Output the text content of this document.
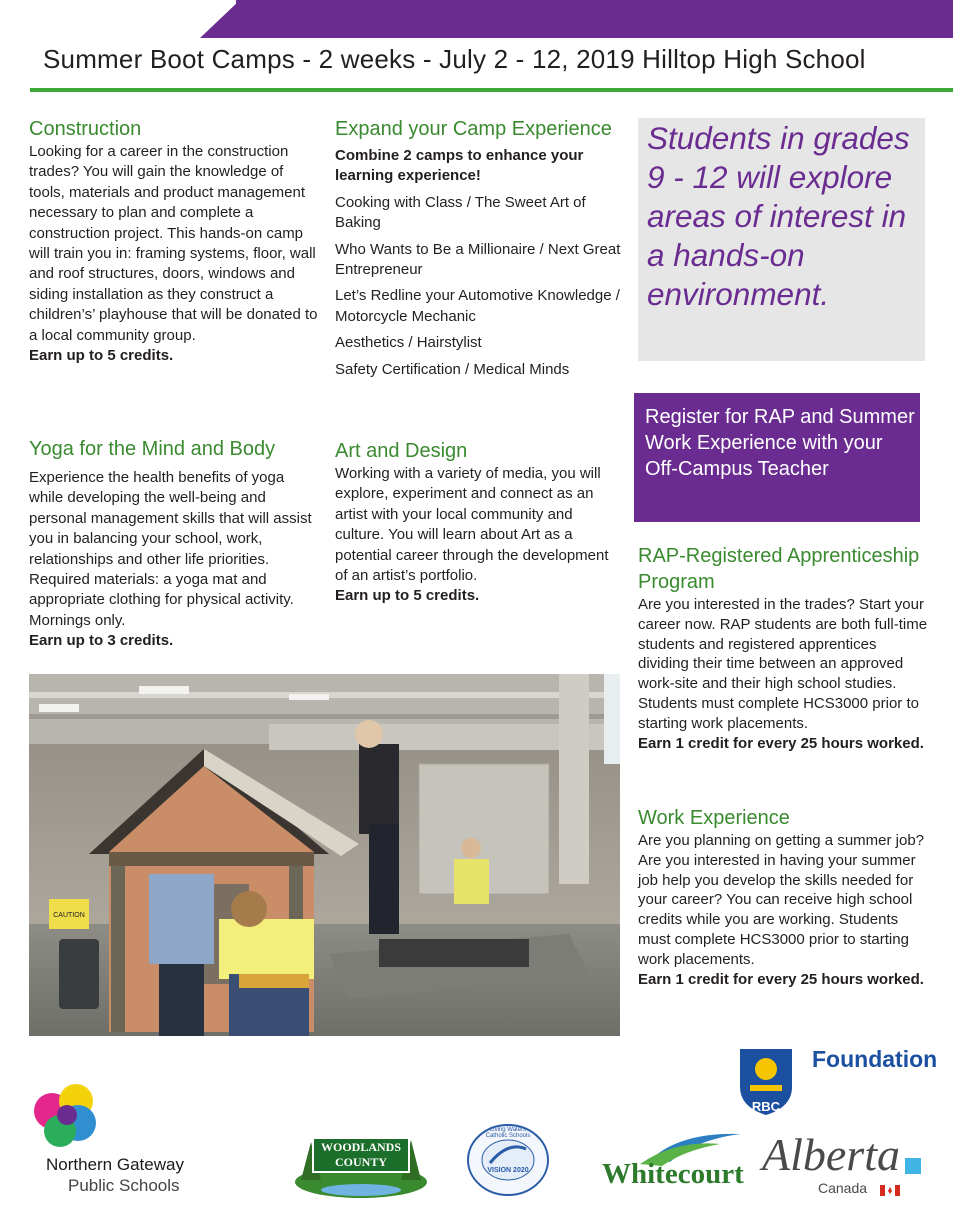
Summer Boot Camps - 2 weeks - July 2 - 12, 2019 Hilltop High School
Construction
Looking for a career in the construction trades? You will gain the knowledge of tools, materials and product management necessary to plan and complete a construction project. This hands-on camp will train you in: framing systems, floor, wall and roof structures, doors, windows and siding installation as they construct a children’s’ playhouse that will be donated to a local community group.
Earn up to 5 credits.
Yoga for the Mind and Body
Experience the health benefits of yoga while developing the well-being and personal management skills that will assist you in balancing your school, work, relationships and other life priorities. Required materials: a yoga mat and appropriate clothing for physical activity. Mornings only.
Earn up to 3 credits.
Expand your Camp Experience
Combine 2 camps to enhance your learning experience!
Cooking with Class / The Sweet Art of Baking
Who Wants to Be a Millionaire / Next Great Entrepreneur
Let’s Redline your Automotive Knowledge / Motorcycle Mechanic
Aesthetics / Hairstylist
Safety Certification / Medical Minds
Art and Design
Working with a variety of media, you will explore, experiment and connect as an artist with your local community and culture. You will learn about Art as a potential career through the development of an artist’s portfolio.
Earn up to 5 credits.
Students in grades 9 - 12 will explore areas of interest in a hands-on environment.
Register for RAP and Summer Work Experience with your Off-Campus Teacher
RAP-Registered Apprenticeship Program
Are you interested in the trades? Start your career now. RAP students are both full-time students and registered apprentices dividing their time between an approved work-site and their high school studies. Students must complete HCS3000 prior to starting work placements.
Earn 1 credit for every 25 hours worked.
Work Experience
Are you planning on getting a summer job? Are you interested in having your summer job help you develop the skills needed for your career? You can receive high school credits while you are working. Students must complete HCS3000 prior to starting work placements.
Earn 1 credit for every 25 hours worked.
CAUTION
RBC
Foundation
Northern Gateway
Public Schools
WOODLANDS COUNTY
Living Waters Catholic Schools
VISION 2020	Whitecourt Alberta
Canada
